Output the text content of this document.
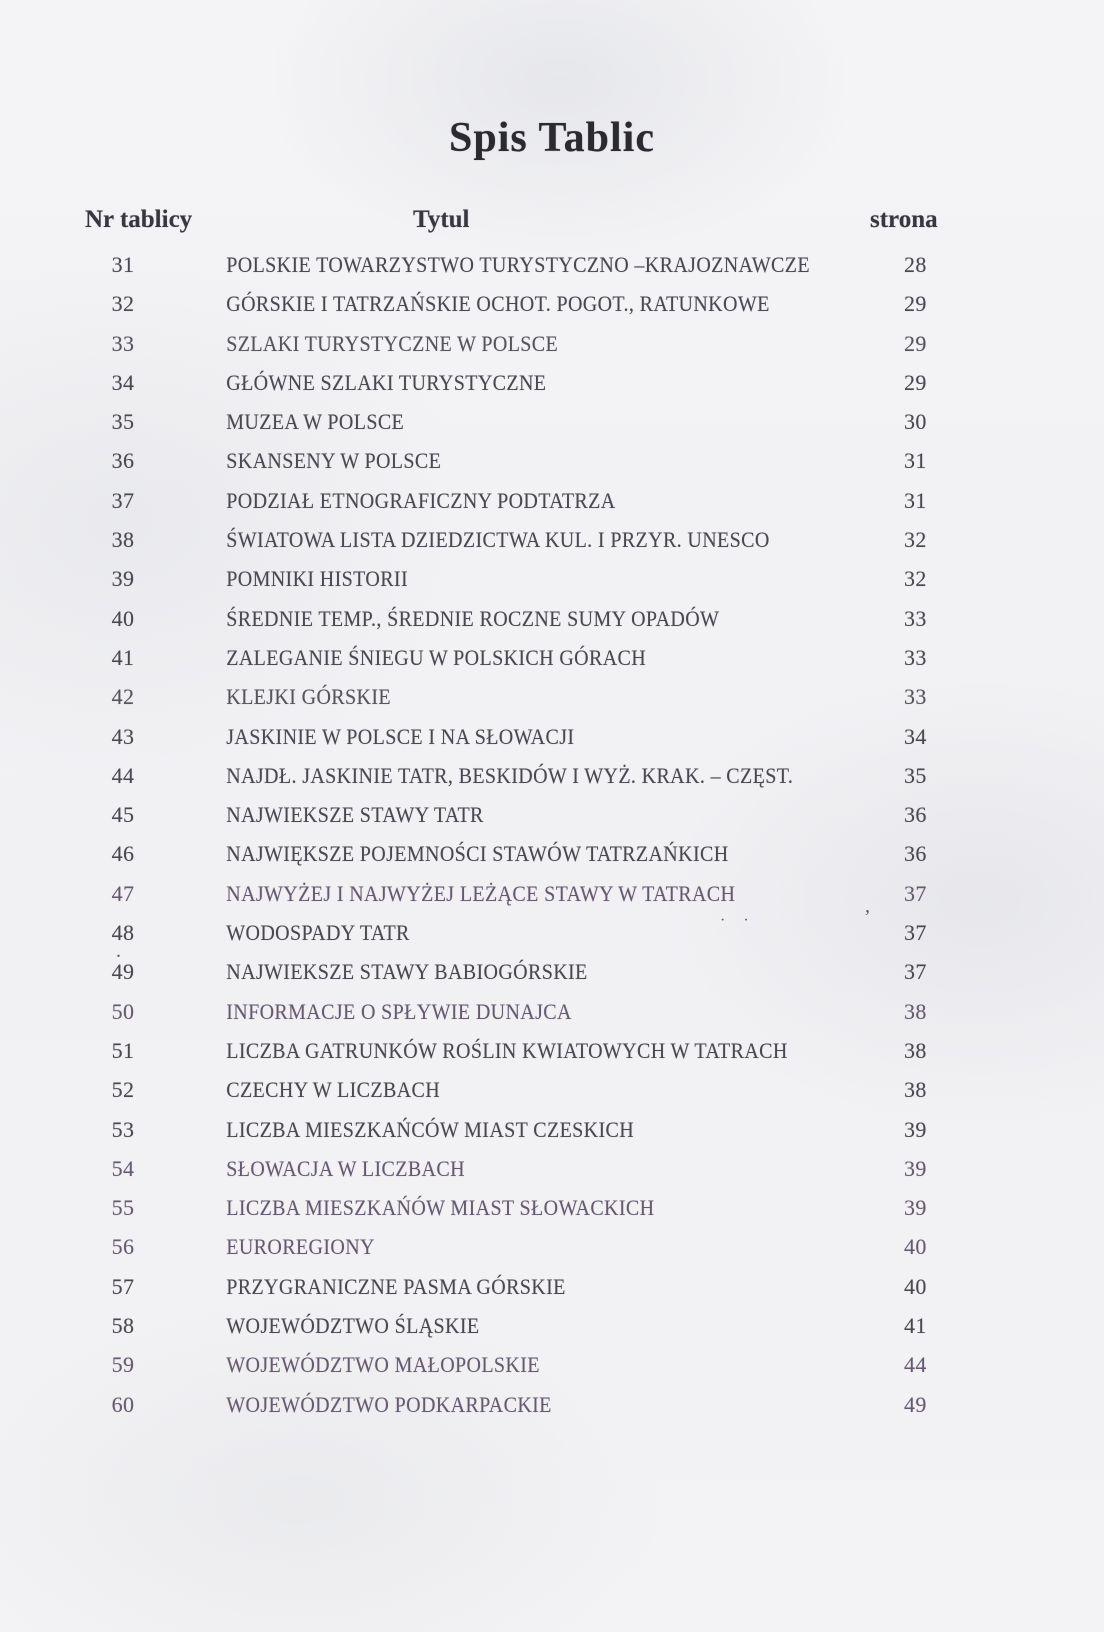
Spis Tablic
Nr tablicy	Tytul	strona
31	POLSKIE TOWARZYSTWO TURYSTYCZNO –KRAJOZNAWCZE	28
32	GÓRSKIE I TATRZAŃSKIE OCHOT. POGOT., RATUNKOWE	29
33	SZLAKI TURYSTYCZNE W POLSCE	29
34	GŁÓWNE SZLAKI TURYSTYCZNE	29
35	MUZEA W POLSCE	30
36	SKANSENY W POLSCE	31
37	PODZIAŁ ETNOGRAFICZNY PODTATRZA	31
38	ŚWIATOWA LISTA DZIEDZICTWA KUL. I PRZYR. UNESCO	32
39	POMNIKI HISTORII	32
40	ŚREDNIE TEMP., ŚREDNIE ROCZNE SUMY OPADÓW	33
41	ZALEGANIE ŚNIEGU W POLSKICH GÓRACH	33
42	KLEJKI GÓRSKIE	33
43	JASKINIE W POLSCE I NA SŁOWACJI	34
44	NAJDŁ. JASKINIE TATR, BESKIDÓW I WYŻ. KRAK. – CZĘST.	35
45	NAJWIEKSZE STAWY TATR	36
46	NAJWIĘKSZE POJEMNOŚCI STAWÓW TATRZAŃKICH	36
47	NAJWYŻEJ I NAJWYŻEJ LEŻĄCE STAWY W TATRACH	37
48	WODOSPADY TATR	37
49	NAJWIEKSZE STAWY BABIOGÓRSKIE	37
50	INFORMACJE O SPŁYWIE DUNAJCA	38
51	LICZBA GATRUNKÓW ROŚLIN KWIATOWYCH W TATRACH	38
52	CZECHY W LICZBACH	38
53	LICZBA MIESZKAŃCÓW MIAST CZESKICH	39
54	SŁOWACJA W LICZBACH	39
55	LICZBA MIESZKAŃÓW MIAST SŁOWACKICH	39
56	EUROREGIONY	40
57	PRZYGRANICZNE PASMA GÓRSKIE	40
58	WOJEWÓDZTWO ŚLĄSKIE	41
59	WOJEWÓDZTWO MAŁOPOLSKIE	44
60	WOJEWÓDZTWO PODKARPACKIE	49
· ·	’
.
